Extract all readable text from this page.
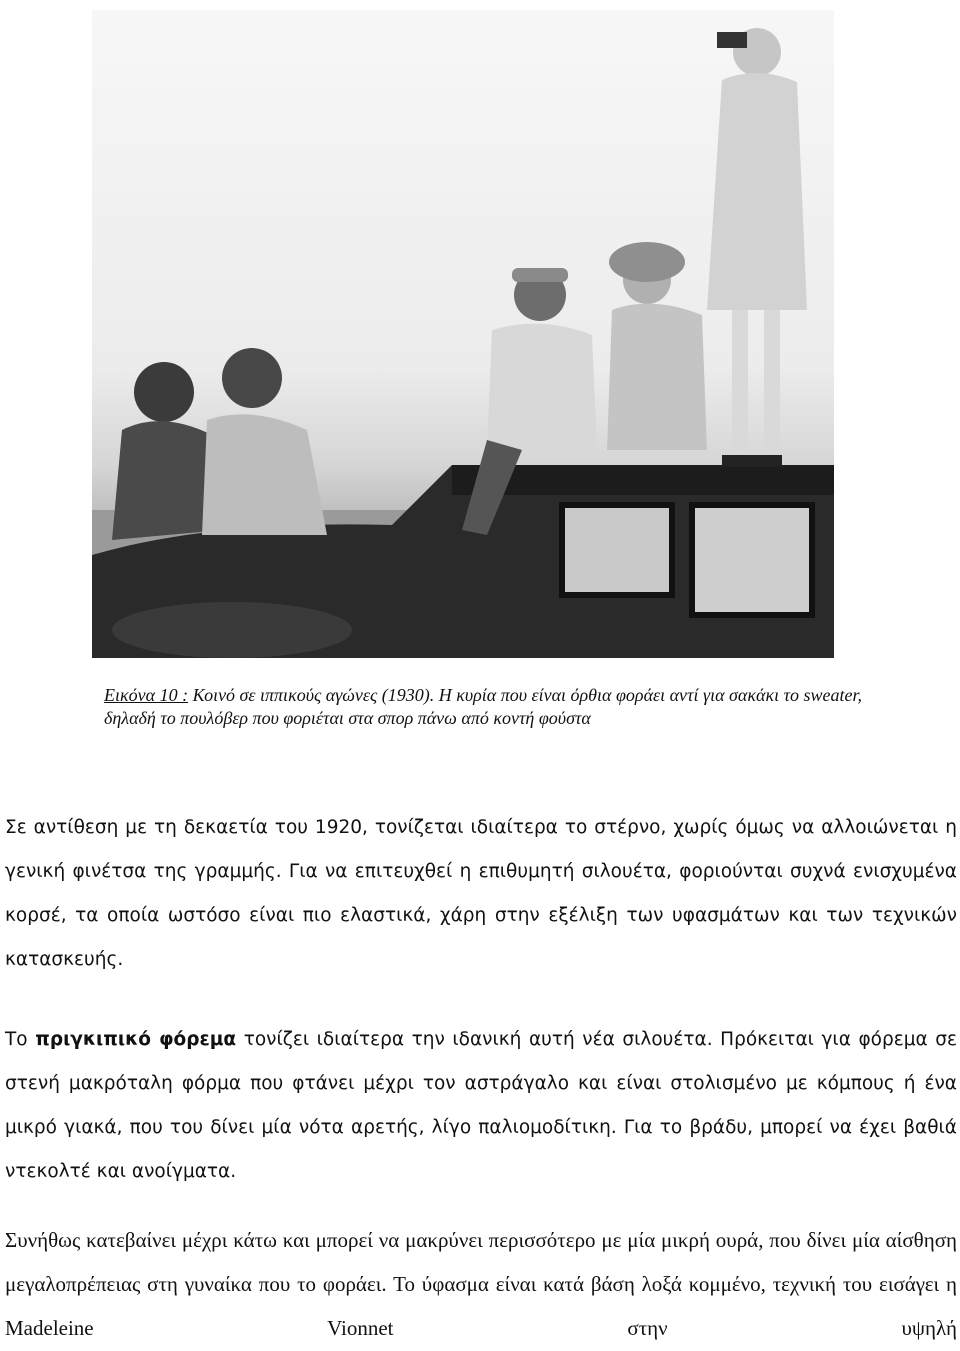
Εικόνα 10 : Κοινό σε ιππικούς αγώνες (1930). Η κυρία που είναι όρθια φοράει αντί για σακάκι το sweater, δηλαδή το πουλόβερ που φοριέται στα σπορ πάνω από κοντή φούστα

Σε αντίθεση με τη δεκαετία του 1920, τονίζεται ιδιαίτερα το στέρνο, χωρίς όμως να αλλοιώνεται η γενική φινέτσα της γραμμής. Για να επιτευχθεί η επιθυμητή σιλουέτα, φοριούνται συχνά ενισχυμένα κορσέ, τα οποία ωστόσο είναι πιο ελαστικά, χάρη στην εξέλιξη των υφασμάτων και των τεχνικών κατασκευής.

Το πριγκιπικό φόρεμα τονίζει ιδιαίτερα την ιδανική αυτή νέα σιλουέτα. Πρόκειται για φόρεμα σε στενή μακρόταλη φόρμα που φτάνει μέχρι τον αστράγαλο και είναι στολισμένο με κόμπους ή ένα μικρό γιακά, που του δίνει μία νότα αρετής, λίγο παλιομοδίτικη. Για το βράδυ, μπορεί να έχει βαθιά ντεκολτέ και ανοίγματα.

Συνήθως κατεβαίνει μέχρι κάτω και μπορεί να μακρύνει περισσότερο με μία μικρή ουρά, που δίνει μία αίσθηση μεγαλοπρέπειας στη γυναίκα που το φοράει. Το ύφασμα είναι κατά βάση λοξά κομμένο, τεχνική του εισάγει η Madeleine Vionnet στην υψηλή
